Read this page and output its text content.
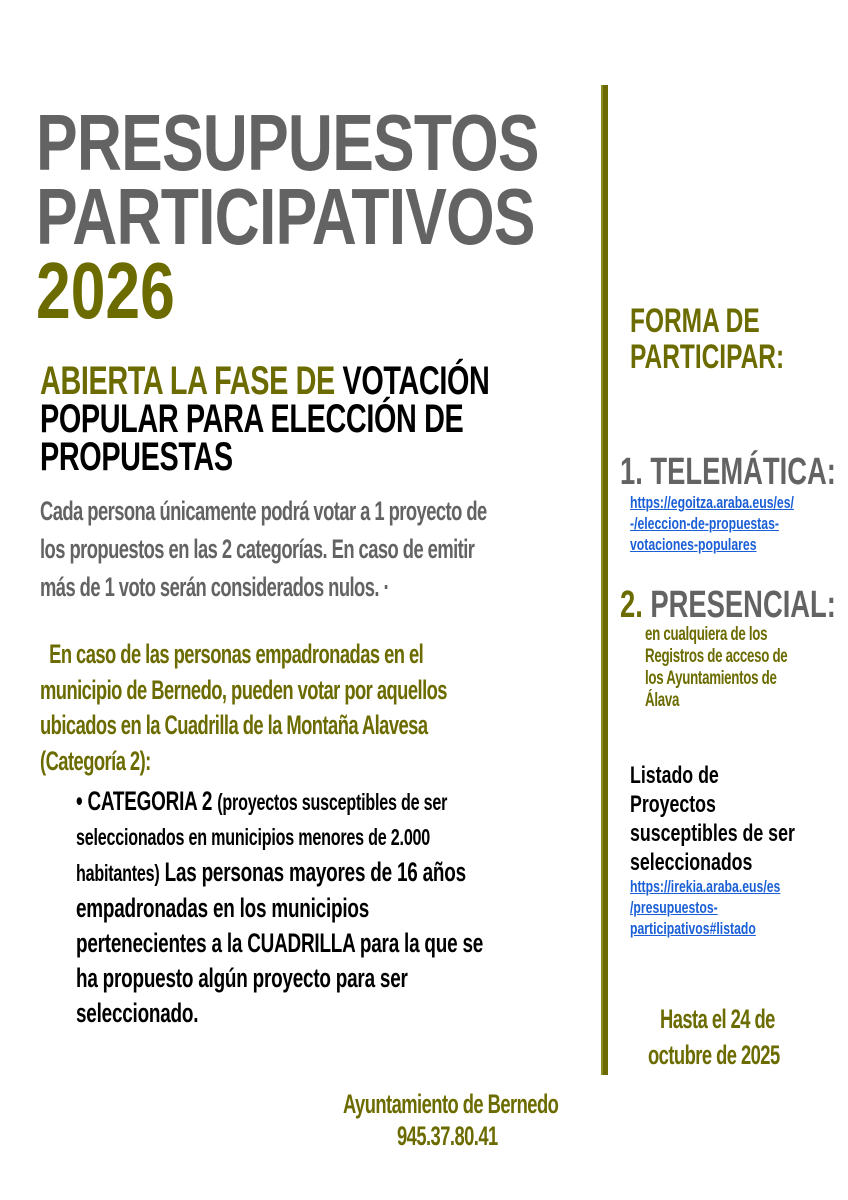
PRESUPUESTOS
PARTICIPATIVOS
2026
ABIERTA LA FASE DE VOTACIÓN
POPULAR PARA ELECCIÓN DE
PROPUESTAS
Cada persona únicamente podrá votar a 1 proyecto de
los propuestos en las 2 categorías. En caso de emitir
más de 1 voto serán considerados nulos. ·
En caso de las personas empadronadas en el
municipio de Bernedo, pueden votar por aquellos
ubicados en la Cuadrilla de la Montaña Alavesa
(Categoría 2):
• CATEGORIA 2 (proyectos susceptibles de ser
seleccionados en municipios menores de 2.000
habitantes) Las personas mayores de 16 años
empadronadas en los municipios
pertenecientes a la CUADRILLA para la que se
ha propuesto algún proyecto para ser
seleccionado.
FORMA DE
PARTICIPAR:
1. TELEMÁTICA:
https://egoitza.araba.eus/es/
-/eleccion-de-propuestas-
votaciones-populares
2. PRESENCIAL:
en cualquiera de los
Registros de acceso de
los Ayuntamientos de
Álava
Listado de
Proyectos
susceptibles de ser
seleccionados
https://irekia.araba.eus/es
/presupuestos-
participativos#listado
Hasta el 24 de
octubre de 2025
Ayuntamiento de Bernedo
945.37.80.41
